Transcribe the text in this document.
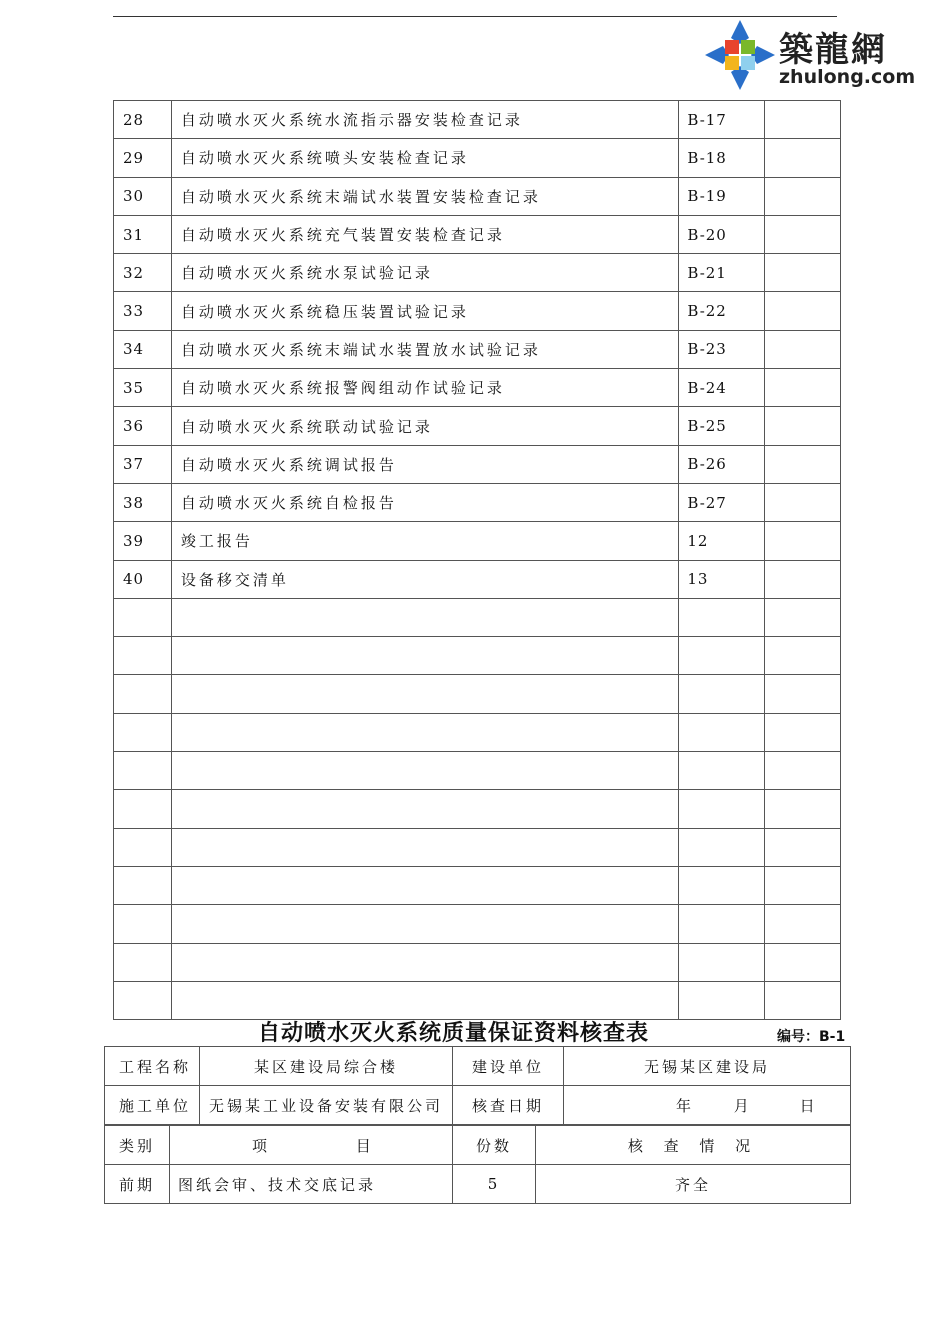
築龍網
zhulong.com
28	自动喷水灭火系统水流指示器安装检查记录	B-17	
29	自动喷水灭火系统喷头安装检查记录	B-18	
30	自动喷水灭火系统末端试水装置安装检查记录	B-19	
31	自动喷水灭火系统充气装置安装检查记录	B-20	
32	自动喷水灭火系统水泵试验记录	B-21	
33	自动喷水灭火系统稳压装置试验记录	B-22	
34	自动喷水灭火系统末端试水装置放水试验记录	B-23	
35	自动喷水灭火系统报警阀组动作试验记录	B-24	
36	自动喷水灭火系统联动试验记录	B-25	
37	自动喷水灭火系统调试报告	B-26	
38	自动喷水灭火系统自检报告	B-27	
39	竣工报告	12	
40	设备移交清单	13	

自动喷水灭火系统质量保证资料核查表	编号：B-1
工程名称	某区建设局综合楼	建设单位	无锡某区建设局
施工单位	无锡某工业设备安装有限公司	核查日期	年 月 日
类别	项 目	份数	核 查 情 况
前期	图纸会审、技术交底记录	5	齐全
